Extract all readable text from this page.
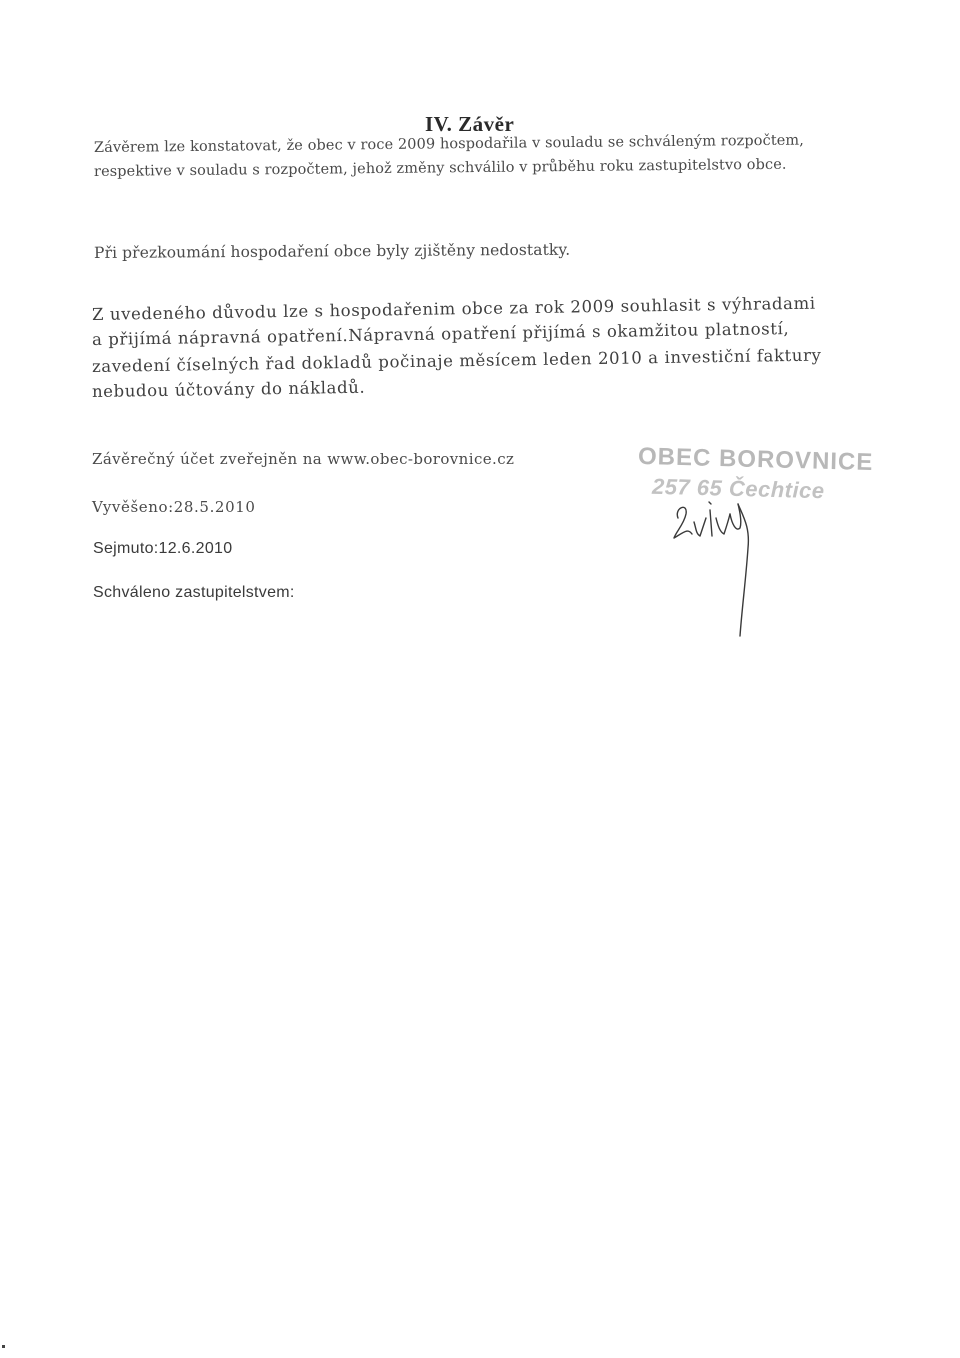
IV. Závěr
Závěrem lze konstatovat, že obec v roce 2009 hospodařila v souladu se schváleným rozpočtem,
respektive v souladu s rozpočtem, jehož změny schválilo v průběhu roku zastupitelstvo obce.
Při přezkoumání hospodaření obce byly zjištěny nedostatky.
Z uvedeného důvodu lze s hospodařenim obce za rok 2009 souhlasit s výhradami
a přijímá nápravná opatření.Nápravná opatření přijímá s okamžitou platností,
zavedení číselných řad dokladů počinaje měsícem leden 2010 a investiční faktury
nebudou účtovány do nákladů.
Závěrečný účet zveřejněn na www.obec-borovnice.cz
Vyvěšeno:28.5.2010
Sejmuto:12.6.2010
Schváleno zastupitelstvem:
OBEC BOROVNICE
257 65 Čechtice
